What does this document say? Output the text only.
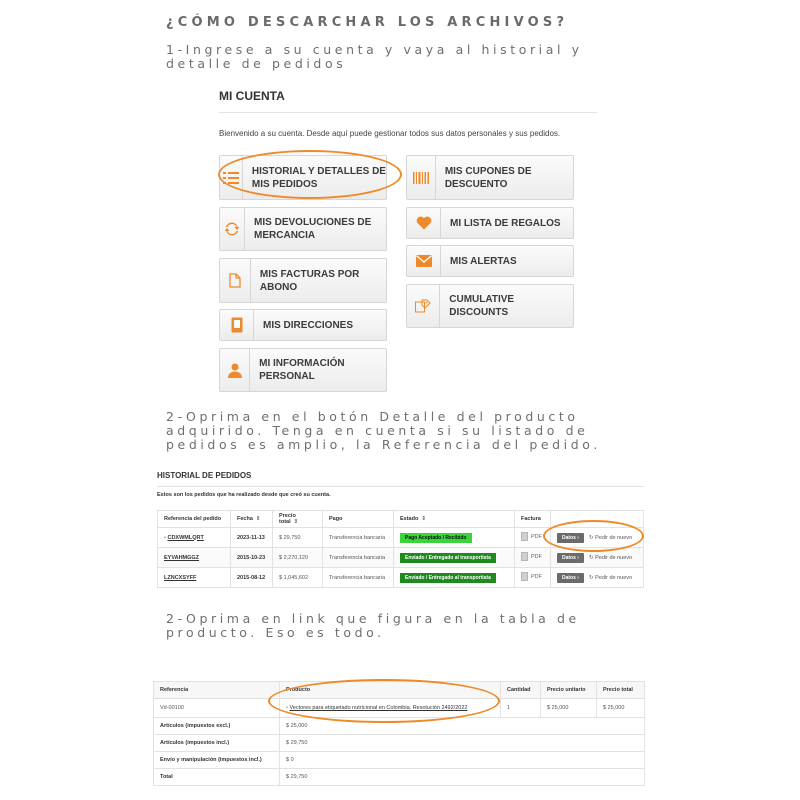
¿CÓMO DESCARCHAR LOS ARCHIVOS?
1-Ingrese a su cuenta y vaya al historial y detalle de pedidos
MI CUENTA
Bienvenido a su cuenta. Desde aquí puede gestionar todos sus datos personales y sus pedidos.
HISTORIAL Y DETALLES DE MIS PEDIDOS
MIS DEVOLUCIONES DE MERCANCIA
MIS FACTURAS POR ABONO
MIS DIRECCIONES
MI INFORMACIÓN PERSONAL
MIS CUPONES DE DESCUENTO
MI LISTA DE REGALOS
MIS ALERTAS
CUMULATIVE DISCOUNTS
2-Oprima en el botón Detalle del producto adquirido. Tenga en cuenta si su listado de pedidos es amplio, la Referencia del pedido.
HISTORIAL DE PEDIDOS
Estos son los pedidos que ha realizado desde que creó su cuenta.
Referencia del pedido	Fecha ⇕	Precio total ⇕	Pago	Estado ⇕	Factura	
▪ CDXWMLQRT	2023-11-13	$ 29,750	Transferencia bancaria	Pago Aceptado / Recibido	PDF	Datos › ↻ Pedir de nuevo
EYVAHMGGZ	2015-10-23	$ 2,270,120	Transferencia bancaria	Enviado / Entregado al transportista	PDF	Datos › ↻ Pedir de nuevo
LZNCXSYFF	2015-08-12	$ 1,045,602	Transferencia bancaria	Enviado / Entregado al transportista	PDF	Datos › ↻ Pedir de nuevo
2-Oprima en link que figura en la tabla de producto. Eso es todo.
Referencia	Producto	Cantidad	Precio unitario	Precio total
Vd-00100	▪ Vectores para etiquetado nutricional en Colombia. Resolución 2492/2022	1	$ 25,000	$ 25,000
Artículos (impuestos excl.)	$ 25,000			
Artículos (impuestos incl.)	$ 29,750			
Envío y manipulación (impuestos incl.)	$ 0			
Total	$ 29,750			
